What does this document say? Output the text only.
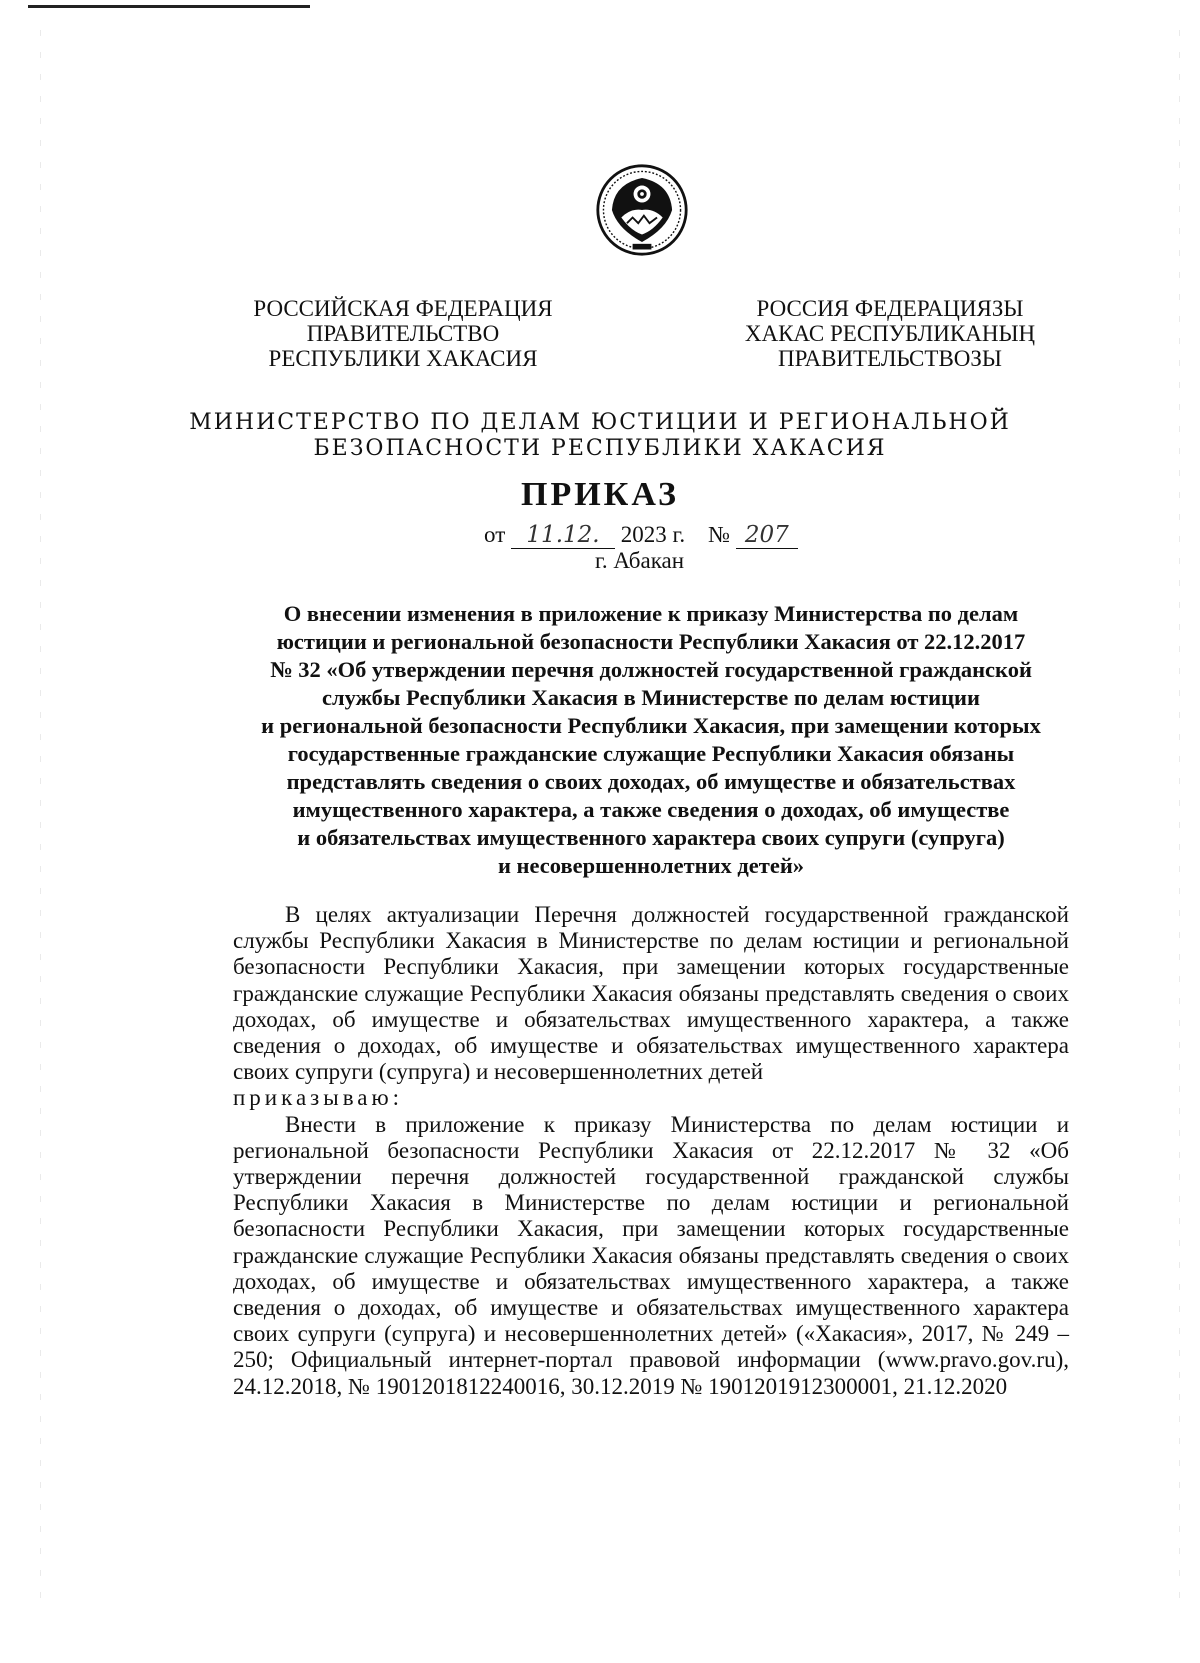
РОССИЙСКАЯ ФЕДЕРАЦИЯ
ПРАВИТЕЛЬСТВО
РЕСПУБЛИКИ ХАКАСИЯ
РОССИЯ ФЕДЕРАЦИЯЗЫ
ХАКАС РЕСПУБЛИКАНЫҢ
ПРАВИТЕЛЬСТВОЗЫ
МИНИСТЕРСТВО ПО ДЕЛАМ ЮСТИЦИИ И РЕГИОНАЛЬНОЙ
БЕЗОПАСНОСТИ РЕСПУБЛИКИ ХАКАСИЯ
ПРИКАЗ
от 11.12. 2023 г. № 207
г. Абакан
О внесении изменения в приложение к приказу Министерства по делам
юстиции и региональной безопасности Республики Хакасия от 22.12.2017
№ 32 «Об утверждении перечня должностей государственной гражданской
службы Республики Хакасия в Министерстве по делам юстиции
и региональной безопасности Республики Хакасия, при замещении которых
государственные гражданские служащие Республики Хакасия обязаны
представлять сведения о своих доходах, об имуществе и обязательствах
имущественного характера, а также сведения о доходах, об имуществе
и обязательствах имущественного характера своих супруги (супруга)
и несовершеннолетних детей»

В целях актуализации Перечня должностей государственной гражданской службы Республики Хакасия в Министерстве по делам юстиции и региональной безопасности Республики Хакасия, при замещении которых государственные гражданские служащие Республики Хакасия обязаны представлять сведения о своих доходах, об имуществе и обязательствах имущественного характера, а также сведения о доходах, об имуществе и обязательствах имущественного характера своих супруги (супруга) и несовершеннолетних детей

приказываю:

Внести в приложение к приказу Министерства по делам юстиции и региональной безопасности Республики Хакасия от 22.12.2017 № 32 «Об утверждении перечня должностей государственной гражданской службы Республики Хакасия в Министерстве по делам юстиции и региональной безопасности Республики Хакасия, при замещении которых государственные гражданские служащие Республики Хакасия обязаны представлять сведения о своих доходах, об имуществе и обязательствах имущественного характера, а также сведения о доходах, об имуществе и обязательствах имущественного характера своих супруги (супруга) и несовершеннолетних детей» («Хакасия», 2017, № 249 – 250; Официальный интернет-портал правовой информации (www.pravo.gov.ru), 24.12.2018, № 1901201812240016, 30.12.2019 № 1901201912300001, 21.12.2020
